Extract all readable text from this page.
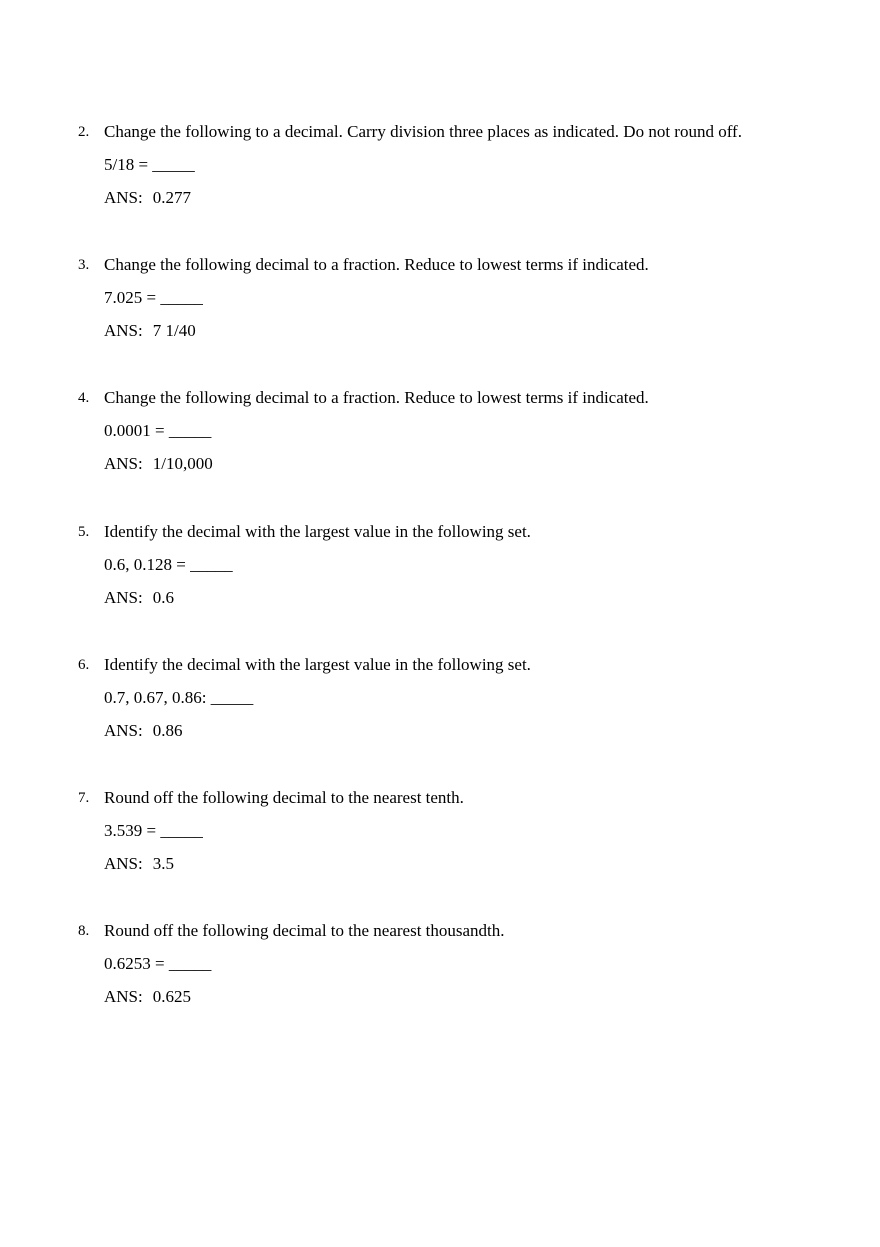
2. Change the following to a decimal. Carry division three places as indicated. Do not round off.
5/18 = _____
ANS: 0.277
3. Change the following decimal to a fraction. Reduce to lowest terms if indicated.
7.025 = _____
ANS: 7 1/40
4. Change the following decimal to a fraction. Reduce to lowest terms if indicated.
0.0001 = _____
ANS: 1/10,000
5. Identify the decimal with the largest value in the following set.
0.6, 0.128 = _____
ANS: 0.6
6. Identify the decimal with the largest value in the following set.
0.7, 0.67, 0.86: _____
ANS: 0.86
7. Round off the following decimal to the nearest tenth.
3.539 = _____
ANS: 3.5
8. Round off the following decimal to the nearest thousandth.
0.6253 = _____
ANS: 0.625
